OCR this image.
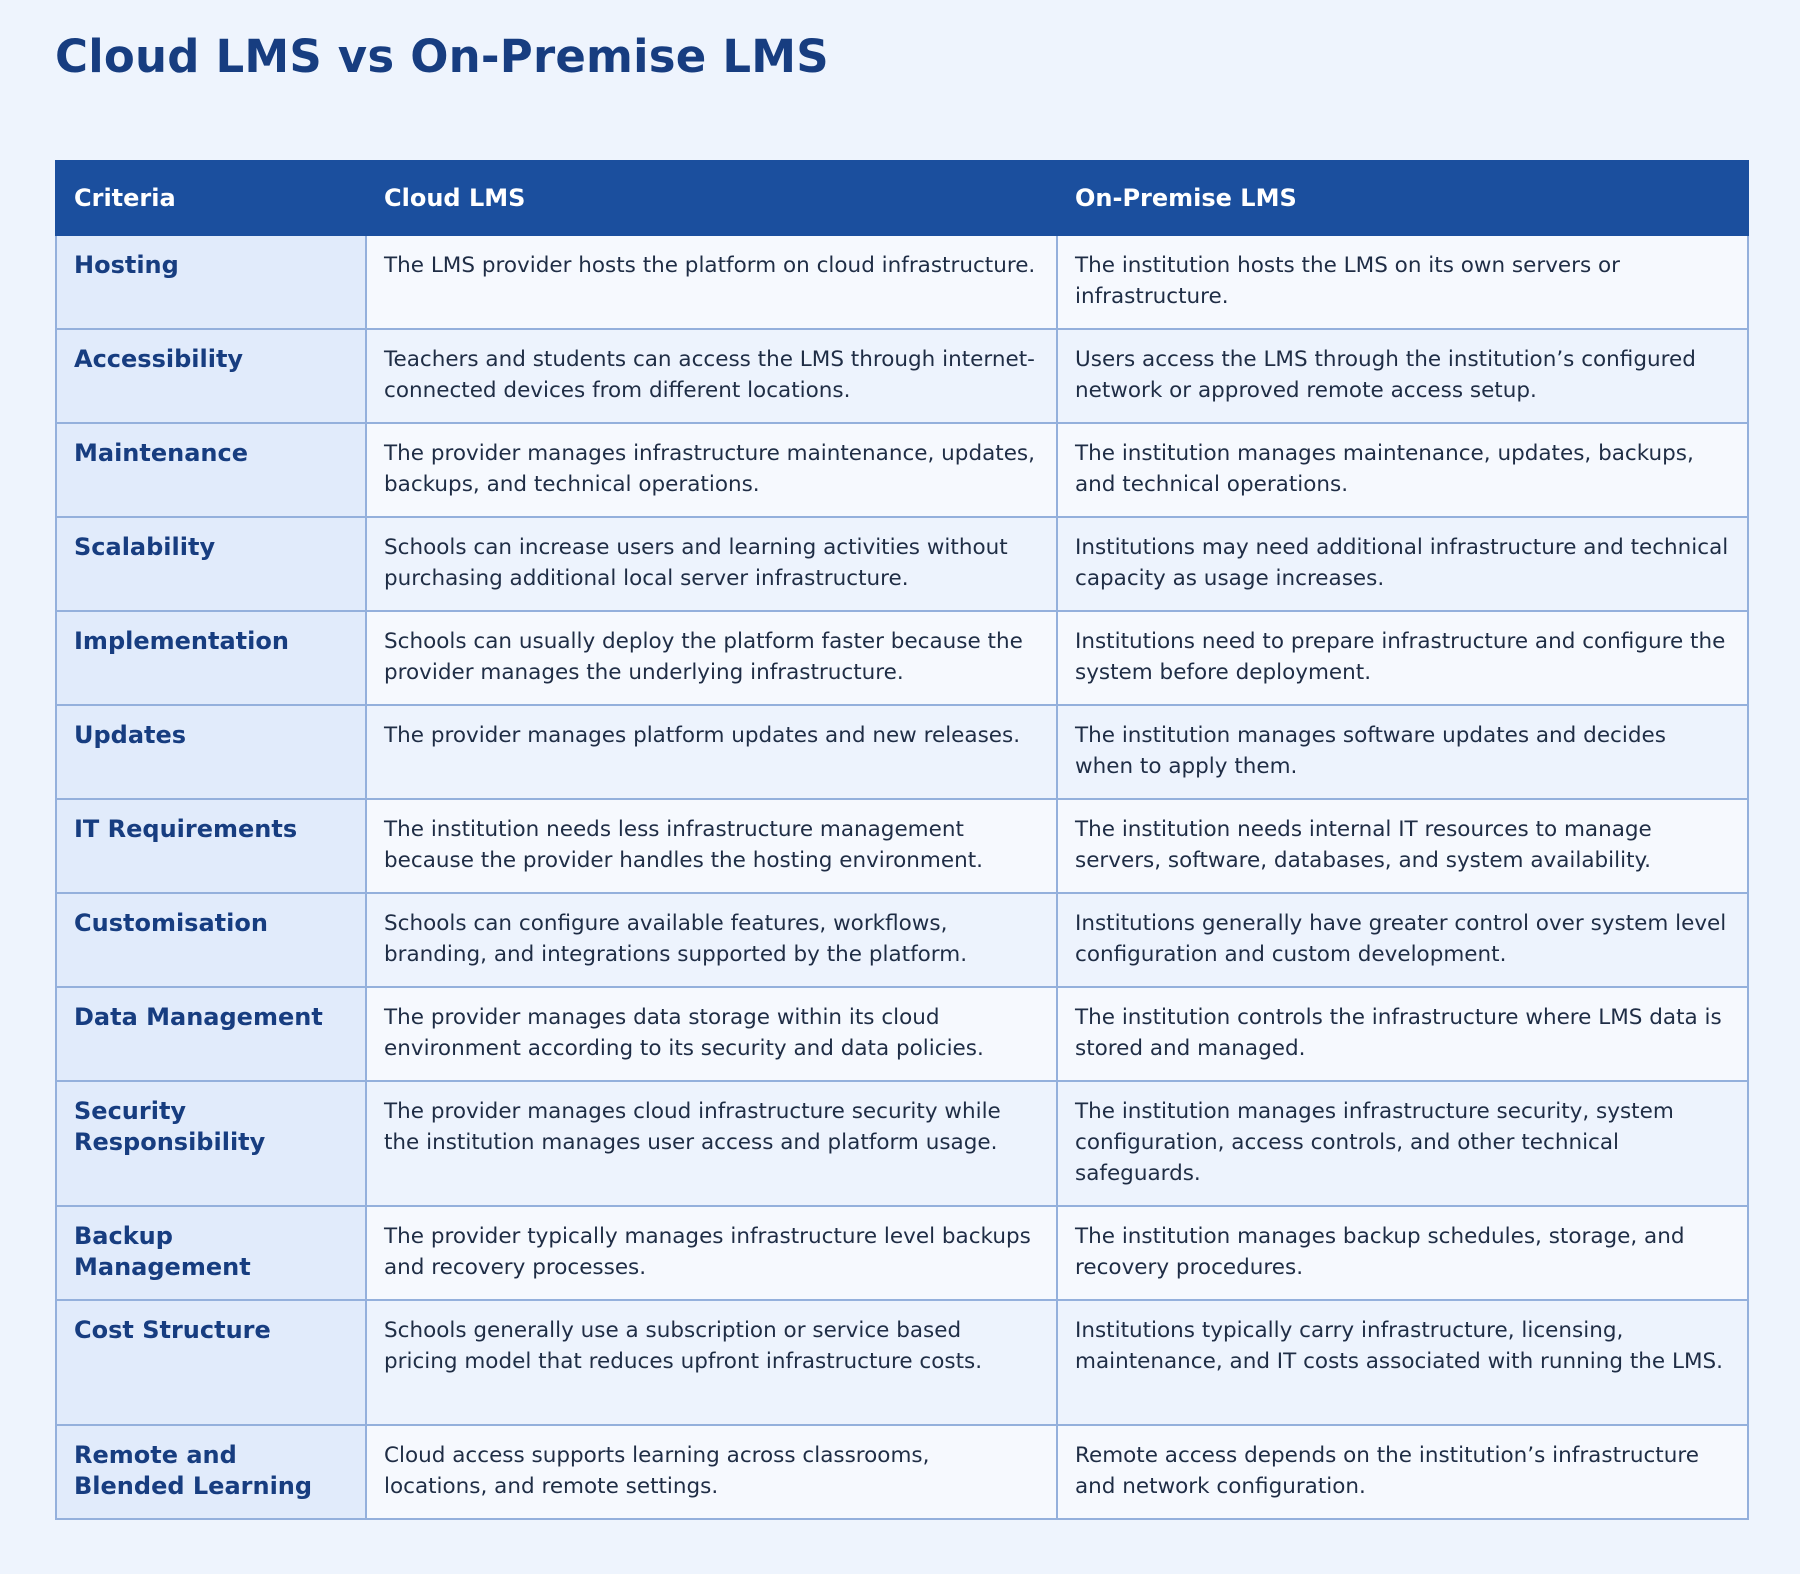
Cloud LMS vs On-Premise LMS
Criteria	Cloud LMS	On-Premise LMS
Hosting	The LMS provider hosts the platform on cloud infrastructure.	The institution hosts the LMS on its own servers or infrastructure.
Accessibility	Teachers and students can access the LMS through internet-connected devices from different locations.	Users access the LMS through the institution’s configured network or approved remote access setup.
Maintenance	The provider manages infrastructure maintenance, updates, backups, and technical operations.	The institution manages maintenance, updates, backups, and technical operations.
Scalability	Schools can increase users and learning activities without purchasing additional local server infrastructure.	Institutions may need additional infrastructure and technical capacity as usage increases.
Implementation	Schools can usually deploy the platform faster because the provider manages the underlying infrastructure.	Institutions need to prepare infrastructure and configure the system before deployment.
Updates	The provider manages platform updates and new releases.	The institution manages software updates and decides when to apply them.
IT Requirements	The institution needs less infrastructure management because the provider handles the hosting environment.	The institution needs internal IT resources to manage servers, software, databases, and system availability.
Customisation	Schools can configure available features, workflows, branding, and integrations supported by the platform.	Institutions generally have greater control over system level configuration and custom development.
Data Management	The provider manages data storage within its cloud environment according to its security and data policies.	The institution controls the infrastructure where LMS data is stored and managed.
Security Responsibility	The provider manages cloud infrastructure security while the institution manages user access and platform usage.	The institution manages infrastructure security, system configuration, access controls, and other technical safeguards.
Backup Management	The provider typically manages infrastructure level backups and recovery processes.	The institution manages backup schedules, storage, and recovery procedures.
Cost Structure	Schools generally use a subscription or service based pricing model that reduces upfront infrastructure costs.	Institutions typically carry infrastructure, licensing, maintenance, and IT costs associated with running the LMS.
Remote and Blended Learning	Cloud access supports learning across classrooms, locations, and remote settings.	Remote access depends on the institution’s infrastructure and network configuration.
